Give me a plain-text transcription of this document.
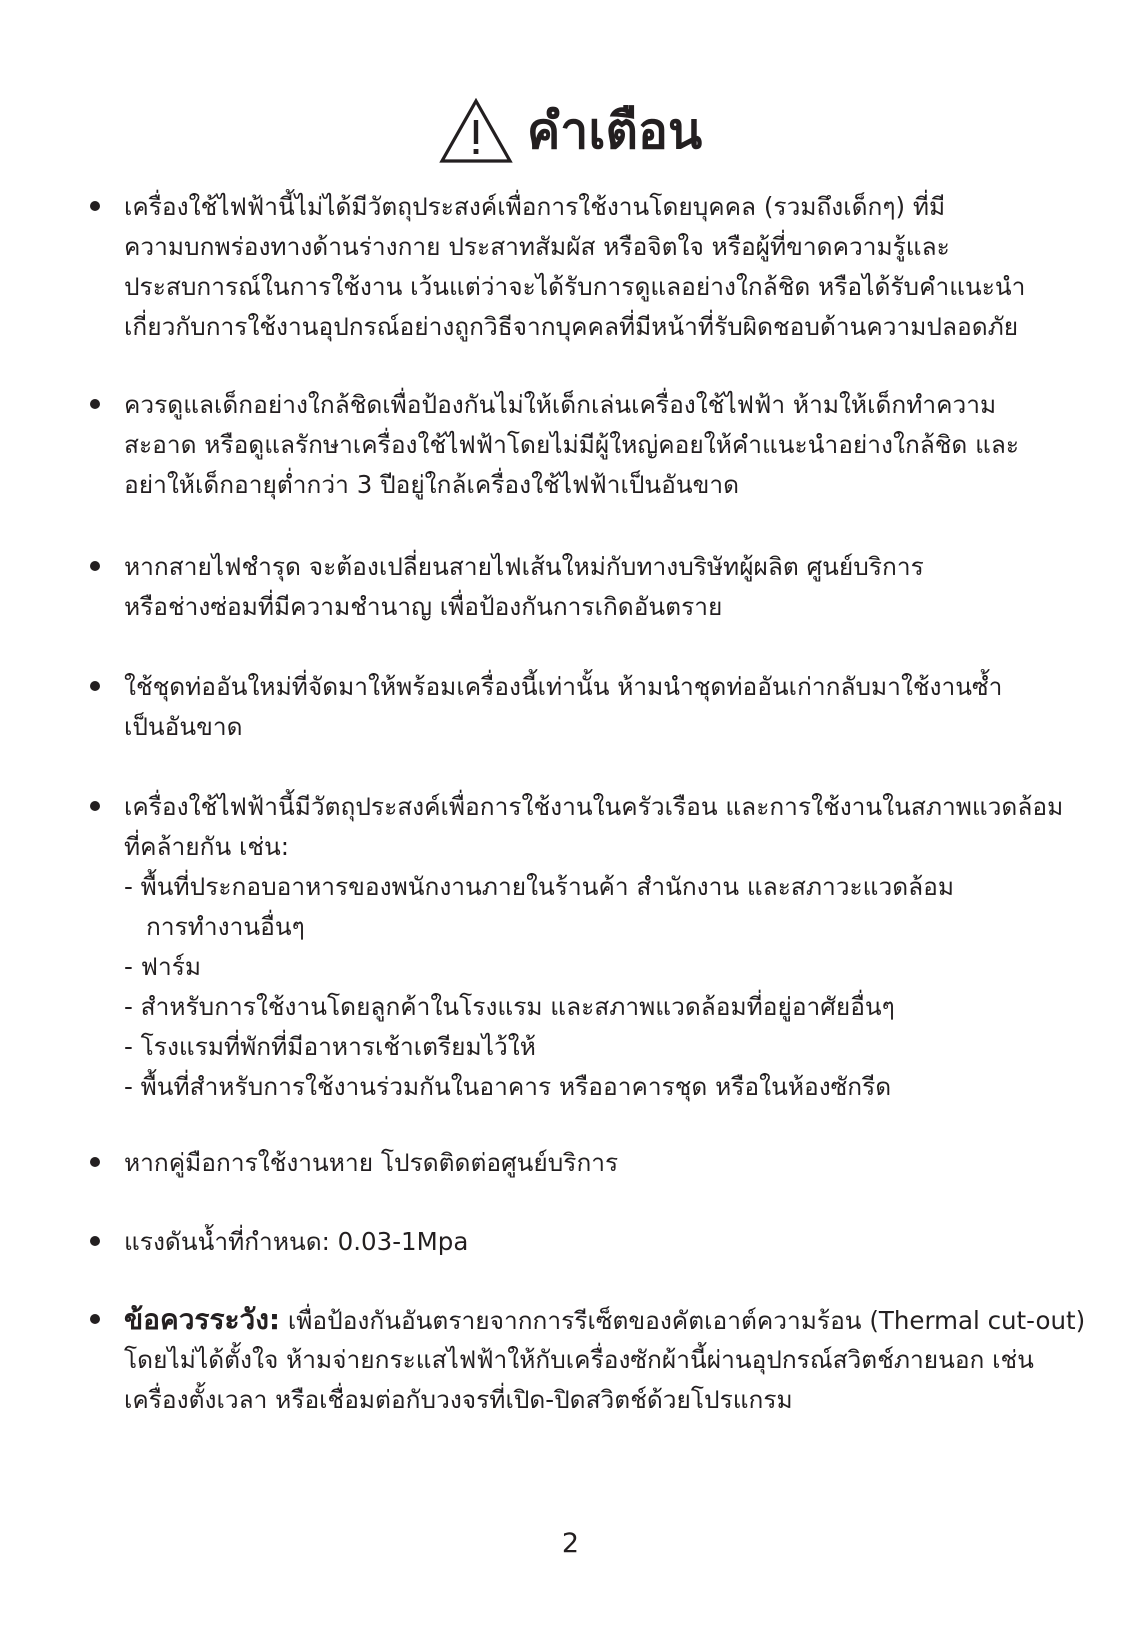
คำเตือน
เครื่องใช้ไฟฟ้านี้ไม่ได้มีวัตถุประสงค์เพื่อการใช้งานโดยบุคคล (รวมถึงเด็กๆ) ที่มี
ความบกพร่องทางด้านร่างกาย ประสาทสัมผัส หรือจิตใจ หรือผู้ที่ขาดความรู้และ
ประสบการณ์ในการใช้งาน เว้นแต่ว่าจะได้รับการดูแลอย่างใกล้ชิด หรือได้รับคำแนะนำ
เกี่ยวกับการใช้งานอุปกรณ์อย่างถูกวิธีจากบุคคลที่มีหน้าที่รับผิดชอบด้านความปลอดภัย
ควรดูแลเด็กอย่างใกล้ชิดเพื่อป้องกันไม่ให้เด็กเล่นเครื่องใช้ไฟฟ้า ห้ามให้เด็กทำความ
สะอาด หรือดูแลรักษาเครื่องใช้ไฟฟ้าโดยไม่มีผู้ใหญ่คอยให้คำแนะนำอย่างใกล้ชิด และ
อย่าให้เด็กอายุต่ำกว่า 3 ปีอยู่ใกล้เครื่องใช้ไฟฟ้าเป็นอันขาด
หากสายไฟชำรุด จะต้องเปลี่ยนสายไฟเส้นใหม่กับทางบริษัทผู้ผลิต ศูนย์บริการ
หรือช่างซ่อมที่มีความชำนาญ เพื่อป้องกันการเกิดอันตราย
ใช้ชุดท่ออันใหม่ที่จัดมาให้พร้อมเครื่องนี้เท่านั้น ห้ามนำชุดท่ออันเก่ากลับมาใช้งานซ้ำ
เป็นอันขาด
เครื่องใช้ไฟฟ้านี้มีวัตถุประสงค์เพื่อการใช้งานในครัวเรือน และการใช้งานในสภาพแวดล้อม
ที่คล้ายกัน เช่น:
- พื้นที่ประกอบอาหารของพนักงานภายในร้านค้า สำนักงาน และสภาวะแวดล้อม
การทำงานอื่นๆ
- ฟาร์ม
- สำหรับการใช้งานโดยลูกค้าในโรงแรม และสภาพแวดล้อมที่อยู่อาศัยอื่นๆ
- โรงแรมที่พักที่มีอาหารเช้าเตรียมไว้ให้
- พื้นที่สำหรับการใช้งานร่วมกันในอาคาร หรืออาคารชุด หรือในห้องซักรีด
หากคู่มือการใช้งานหาย โปรดติดต่อศูนย์บริการ
แรงดันน้ำที่กำหนด: 0.03-1Mpa
ข้อควรระวัง: เพื่อป้องกันอันตรายจากการรีเซ็ตของคัตเอาต์ความร้อน (Thermal cut-out)
โดยไม่ได้ตั้งใจ ห้ามจ่ายกระแสไฟฟ้าให้กับเครื่องซักผ้านี้ผ่านอุปกรณ์สวิตช์ภายนอก เช่น
เครื่องตั้งเวลา หรือเชื่อมต่อกับวงจรที่เปิด-ปิดสวิตช์ด้วยโปรแกรม
2
